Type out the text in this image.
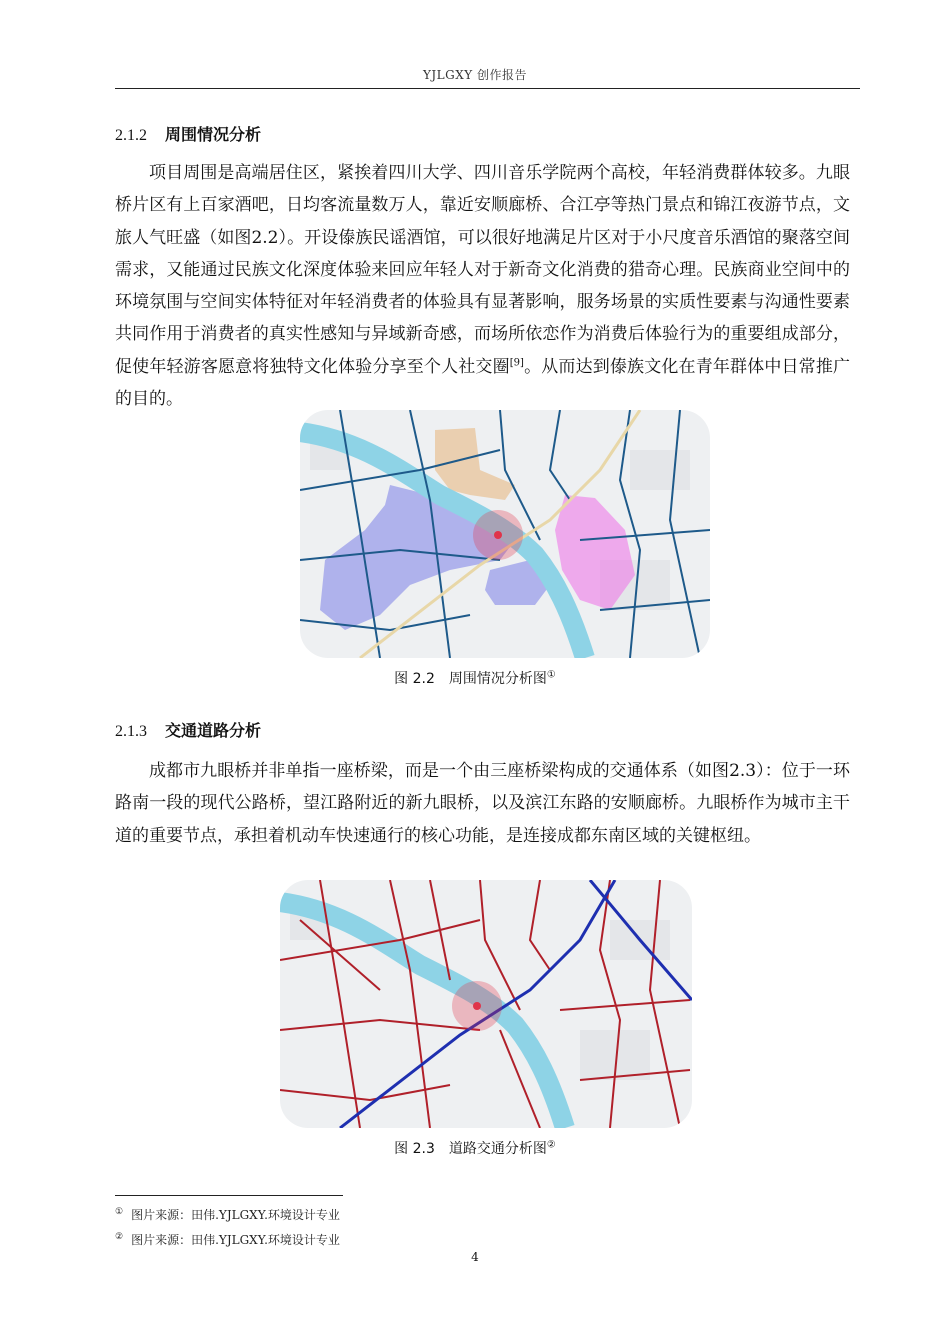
YJLGXY 创作报告
2.1.2 周围情况分析
项目周围是高端居住区，紧挨着四川大学、四川音乐学院两个高校，年轻消费群体较多。九眼桥片区有上百家酒吧，日均客流量数万人，靠近安顺廊桥、合江亭等热门景点和锦江夜游节点，文旅人气旺盛（如图2.2）。开设傣族民谣酒馆，可以很好地满足片区对于小尺度音乐酒馆的聚落空间需求，又能通过民族文化深度体验来回应年轻人对于新奇文化消费的猎奇心理。民族商业空间中的环境氛围与空间实体特征对年轻消费者的体验具有显著影响，服务场景的实质性要素与沟通性要素共同作用于消费者的真实性感知与异域新奇感，而场所依恋作为消费后体验行为的重要组成部分，促使年轻游客愿意将独特文化体验分享至个人社交圈[9]。从而达到傣族文化在青年群体中日常推广的目的。
图 2.2　周围情况分析图①
2.1.3 交通道路分析
成都市九眼桥并非单指一座桥梁，而是一个由三座桥梁构成的交通体系（如图2.3）：位于一环路南一段的现代公路桥，望江路附近的新九眼桥，以及滨江东路的安顺廊桥。九眼桥作为城市主干道的重要节点，承担着机动车快速通行的核心功能，是连接成都东南区域的关键枢纽。
图 2.3　道路交通分析图②
① 图片来源：田伟.YJLGXY.环境设计专业
② 图片来源：田伟.YJLGXY.环境设计专业
4
